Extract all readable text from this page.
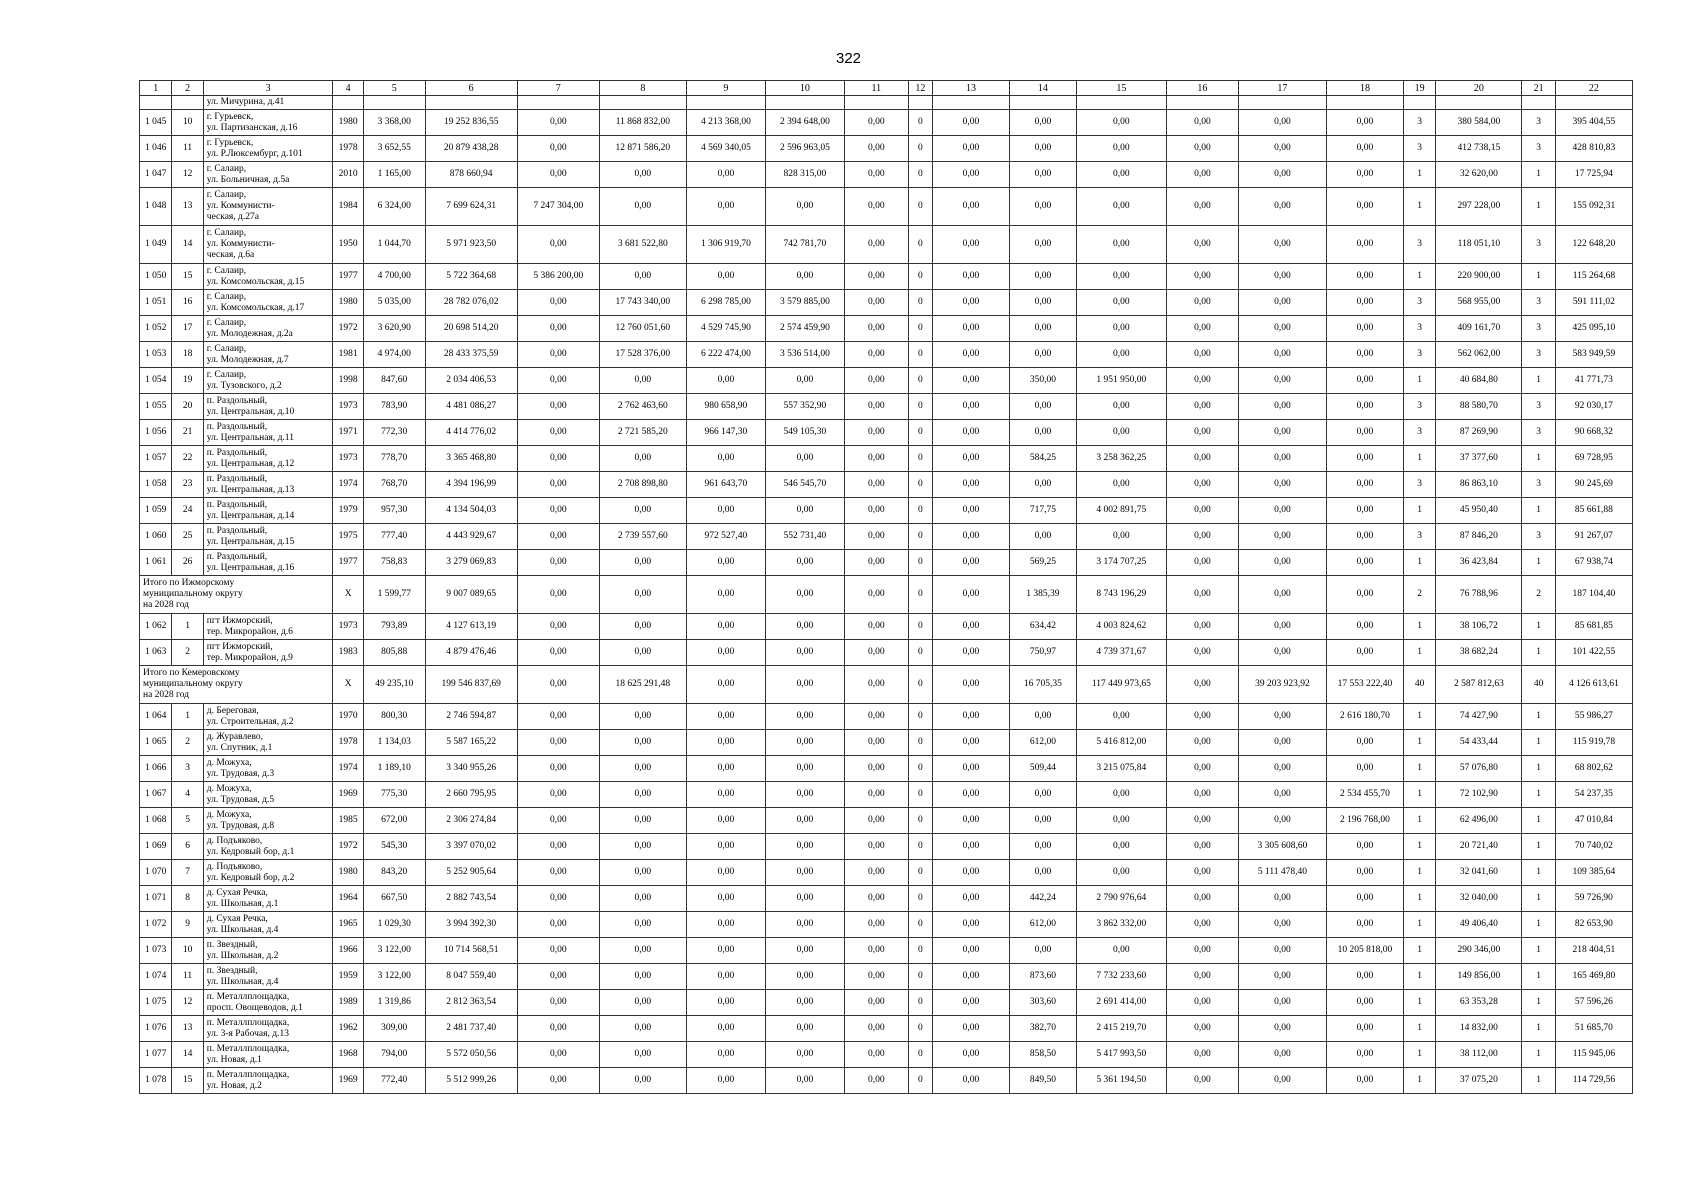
322
1	2	3	4	5	6	7	8	9	10	11	12	13	14	15	16	17	18	19	20	21	22
		ул. Мичурина, д.41																			
1 045	10	г. Гурьевск,
ул. Партизанская, д.16	1980	3 368,00	19 252 836,55	0,00	11 868 832,00	4 213 368,00	2 394 648,00	0,00	0	0,00	0,00	0,00	0,00	0,00	0,00	3	380 584,00	3	395 404,55
1 046	11	г. Гурьевск,
ул. Р.Люксембург, д.101	1978	3 652,55	20 879 438,28	0,00	12 871 586,20	4 569 340,05	2 596 963,05	0,00	0	0,00	0,00	0,00	0,00	0,00	0,00	3	412 738,15	3	428 810,83
1 047	12	г. Салаир,
ул. Больничная, д.5а	2010	1 165,00	878 660,94	0,00	0,00	0,00	828 315,00	0,00	0	0,00	0,00	0,00	0,00	0,00	0,00	1	32 620,00	1	17 725,94
1 048	13	г. Салаир,
ул. Коммунисти-
ческая, д.27а	1984	6 324,00	7 699 624,31	7 247 304,00	0,00	0,00	0,00	0,00	0	0,00	0,00	0,00	0,00	0,00	0,00	1	297 228,00	1	155 092,31
1 049	14	г. Салаир,
ул. Коммунисти-
ческая, д.6а	1950	1 044,70	5 971 923,50	0,00	3 681 522,80	1 306 919,70	742 781,70	0,00	0	0,00	0,00	0,00	0,00	0,00	0,00	3	118 051,10	3	122 648,20
1 050	15	г. Салаир,
ул. Комсомольская, д.15	1977	4 700,00	5 722 364,68	5 386 200,00	0,00	0,00	0,00	0,00	0	0,00	0,00	0,00	0,00	0,00	0,00	1	220 900,00	1	115 264,68
1 051	16	г. Салаир,
ул. Комсомольская, д.17	1980	5 035,00	28 782 076,02	0,00	17 743 340,00	6 298 785,00	3 579 885,00	0,00	0	0,00	0,00	0,00	0,00	0,00	0,00	3	568 955,00	3	591 111,02
1 052	17	г. Салаир,
ул. Молодежная, д.2а	1972	3 620,90	20 698 514,20	0,00	12 760 051,60	4 529 745,90	2 574 459,90	0,00	0	0,00	0,00	0,00	0,00	0,00	0,00	3	409 161,70	3	425 095,10
1 053	18	г. Салаир,
ул. Молодежная, д.7	1981	4 974,00	28 433 375,59	0,00	17 528 376,00	6 222 474,00	3 536 514,00	0,00	0	0,00	0,00	0,00	0,00	0,00	0,00	3	562 062,00	3	583 949,59
1 054	19	г. Салаир,
ул. Тузовского, д.2	1998	847,60	2 034 406,53	0,00	0,00	0,00	0,00	0,00	0	0,00	350,00	1 951 950,00	0,00	0,00	0,00	1	40 684,80	1	41 771,73
1 055	20	п. Раздольный,
ул. Центральная, д.10	1973	783,90	4 481 086,27	0,00	2 762 463,60	980 658,90	557 352,90	0,00	0	0,00	0,00	0,00	0,00	0,00	0,00	3	88 580,70	3	92 030,17
1 056	21	п. Раздольный,
ул. Центральная, д.11	1971	772,30	4 414 776,02	0,00	2 721 585,20	966 147,30	549 105,30	0,00	0	0,00	0,00	0,00	0,00	0,00	0,00	3	87 269,90	3	90 668,32
1 057	22	п. Раздольный,
ул. Центральная, д.12	1973	778,70	3 365 468,80	0,00	0,00	0,00	0,00	0,00	0	0,00	584,25	3 258 362,25	0,00	0,00	0,00	1	37 377,60	1	69 728,95
1 058	23	п. Раздольный,
ул. Центральная, д.13	1974	768,70	4 394 196,99	0,00	2 708 898,80	961 643,70	546 545,70	0,00	0	0,00	0,00	0,00	0,00	0,00	0,00	3	86 863,10	3	90 245,69
1 059	24	п. Раздольный,
ул. Центральная, д.14	1979	957,30	4 134 504,03	0,00	0,00	0,00	0,00	0,00	0	0,00	717,75	4 002 891,75	0,00	0,00	0,00	1	45 950,40	1	85 661,88
1 060	25	п. Раздольный,
ул. Центральная, д.15	1975	777,40	4 443 929,67	0,00	2 739 557,60	972 527,40	552 731,40	0,00	0	0,00	0,00	0,00	0,00	0,00	0,00	3	87 846,20	3	91 267,07
1 061	26	п. Раздольный,
ул. Центральная, д.16	1977	758,83	3 279 069,83	0,00	0,00	0,00	0,00	0,00	0	0,00	569,25	3 174 707,25	0,00	0,00	0,00	1	36 423,84	1	67 938,74
Итого по Ижморскому
муниципальному округу
на 2028 год			X	1 599,77	9 007 089,65	0,00	0,00	0,00	0,00	0,00	0	0,00	1 385,39	8 743 196,29	0,00	0,00	0,00	2	76 788,96	2	187 104,40
1 062	1	пгт Ижморский,
тер. Микрорайон, д.6	1973	793,89	4 127 613,19	0,00	0,00	0,00	0,00	0,00	0	0,00	634,42	4 003 824,62	0,00	0,00	0,00	1	38 106,72	1	85 681,85
1 063	2	пгт Ижморский,
тер. Микрорайон, д.9	1983	805,88	4 879 476,46	0,00	0,00	0,00	0,00	0,00	0	0,00	750,97	4 739 371,67	0,00	0,00	0,00	1	38 682,24	1	101 422,55
Итого по Кемеровскому
муниципальному округу
на 2028 год			X	49 235,10	199 546 837,69	0,00	18 625 291,48	0,00	0,00	0,00	0	0,00	16 705,35	117 449 973,65	0,00	39 203 923,92	17 553 222,40	40	2 587 812,63	40	4 126 613,61
1 064	1	д. Береговая,
ул. Строительная, д.2	1970	800,30	2 746 594,87	0,00	0,00	0,00	0,00	0,00	0	0,00	0,00	0,00	0,00	0,00	2 616 180,70	1	74 427,90	1	55 986,27
1 065	2	д. Журавлево,
ул. Спутник, д.1	1978	1 134,03	5 587 165,22	0,00	0,00	0,00	0,00	0,00	0	0,00	612,00	5 416 812,00	0,00	0,00	0,00	1	54 433,44	1	115 919,78
1 066	3	д. Можуха,
ул. Трудовая, д.3	1974	1 189,10	3 340 955,26	0,00	0,00	0,00	0,00	0,00	0	0,00	509,44	3 215 075,84	0,00	0,00	0,00	1	57 076,80	1	68 802,62
1 067	4	д. Можуха,
ул. Трудовая, д.5	1969	775,30	2 660 795,95	0,00	0,00	0,00	0,00	0,00	0	0,00	0,00	0,00	0,00	0,00	2 534 455,70	1	72 102,90	1	54 237,35
1 068	5	д. Можуха,
ул. Трудовая, д.8	1985	672,00	2 306 274,84	0,00	0,00	0,00	0,00	0,00	0	0,00	0,00	0,00	0,00	0,00	2 196 768,00	1	62 496,00	1	47 010,84
1 069	6	д. Подъяково,
ул. Кедровый бор, д.1	1972	545,30	3 397 070,02	0,00	0,00	0,00	0,00	0,00	0	0,00	0,00	0,00	0,00	3 305 608,60	0,00	1	20 721,40	1	70 740,02
1 070	7	д. Подъяково,
ул. Кедровый бор, д.2	1980	843,20	5 252 905,64	0,00	0,00	0,00	0,00	0,00	0	0,00	0,00	0,00	0,00	5 111 478,40	0,00	1	32 041,60	1	109 385,64
1 071	8	д. Сухая Речка,
ул. Школьная, д.1	1964	667,50	2 882 743,54	0,00	0,00	0,00	0,00	0,00	0	0,00	442,24	2 790 976,64	0,00	0,00	0,00	1	32 040,00	1	59 726,90
1 072	9	д. Сухая Речка,
ул. Школьная, д.4	1965	1 029,30	3 994 392,30	0,00	0,00	0,00	0,00	0,00	0	0,00	612,00	3 862 332,00	0,00	0,00	0,00	1	49 406,40	1	82 653,90
1 073	10	п. Звездный,
ул. Школьная, д.2	1966	3 122,00	10 714 568,51	0,00	0,00	0,00	0,00	0,00	0	0,00	0,00	0,00	0,00	0,00	10 205 818,00	1	290 346,00	1	218 404,51
1 074	11	п. Звездный,
ул. Школьная, д.4	1959	3 122,00	8 047 559,40	0,00	0,00	0,00	0,00	0,00	0	0,00	873,60	7 732 233,60	0,00	0,00	0,00	1	149 856,00	1	165 469,80
1 075	12	п. Металлплощадка,
просп. Овощеводов, д.1	1989	1 319,86	2 812 363,54	0,00	0,00	0,00	0,00	0,00	0	0,00	303,60	2 691 414,00	0,00	0,00	0,00	1	63 353,28	1	57 596,26
1 076	13	п. Металлплощадка,
ул. 3-я Рабочая, д.13	1962	309,00	2 481 737,40	0,00	0,00	0,00	0,00	0,00	0	0,00	382,70	2 415 219,70	0,00	0,00	0,00	1	14 832,00	1	51 685,70
1 077	14	п. Металлплощадка,
ул. Новая, д.1	1968	794,00	5 572 050,56	0,00	0,00	0,00	0,00	0,00	0	0,00	858,50	5 417 993,50	0,00	0,00	0,00	1	38 112,00	1	115 945,06
1 078	15	п. Металлплощадка,
ул. Новая, д.2	1969	772,40	5 512 999,26	0,00	0,00	0,00	0,00	0,00	0	0,00	849,50	5 361 194,50	0,00	0,00	0,00	1	37 075,20	1	114 729,56
